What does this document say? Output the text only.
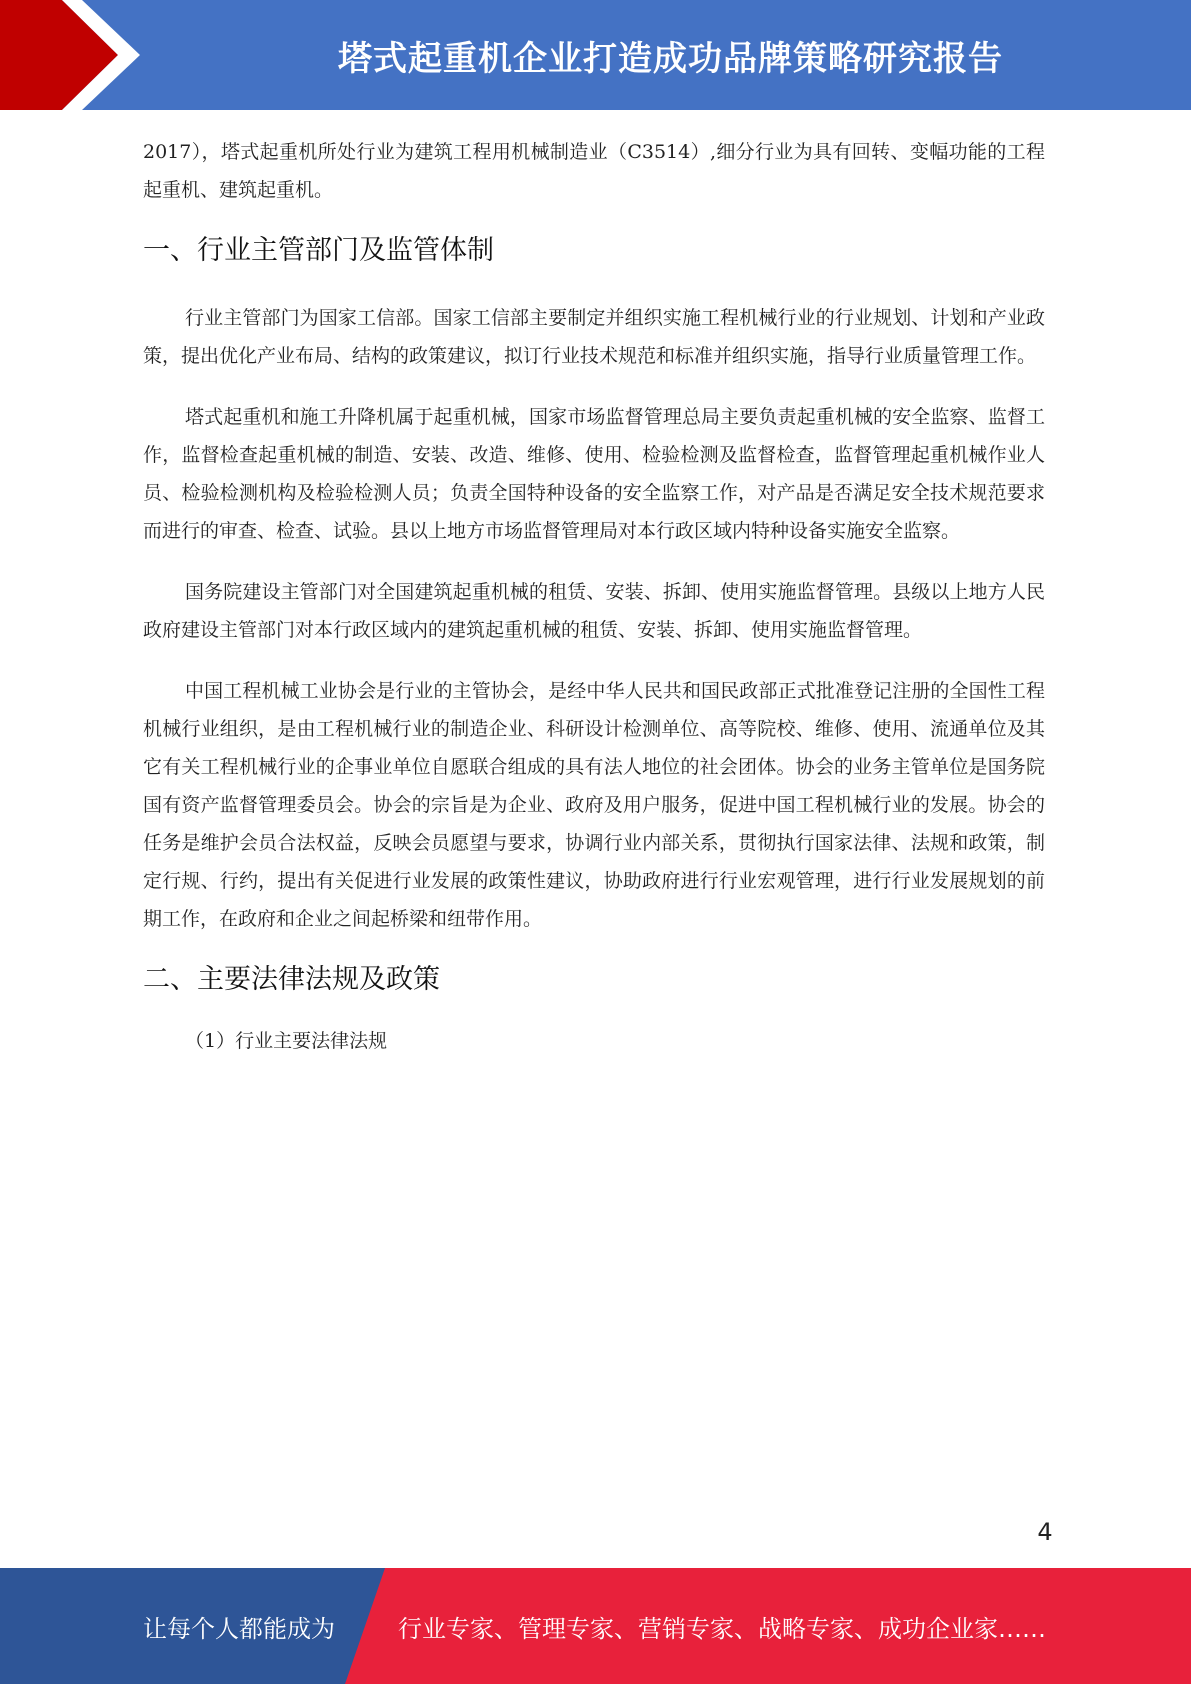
塔式起重机企业打造成功品牌策略研究报告

2017），塔式起重机所处行业为建筑工程用机械制造业（C3514）,细分行业为具有回转、变幅功能的工程起重机、建筑起重机。

一、行业主管部门及监管体制

行业主管部门为国家工信部。国家工信部主要制定并组织实施工程机械行业的行业规划、计划和产业政策，提出优化产业布局、结构的政策建议，拟订行业技术规范和标准并组织实施，指导行业质量管理工作。

塔式起重机和施工升降机属于起重机械，国家市场监督管理总局主要负责起重机械的安全监察、监督工作，监督检查起重机械的制造、安装、改造、维修、使用、检验检测及监督检查，监督管理起重机械作业人员、检验检测机构及检验检测人员；负责全国特种设备的安全监察工作，对产品是否满足安全技术规范要求而进行的审查、检查、试验。县以上地方市场监督管理局对本行政区域内特种设备实施安全监察。

国务院建设主管部门对全国建筑起重机械的租赁、安装、拆卸、使用实施监督管理。县级以上地方人民政府建设主管部门对本行政区域内的建筑起重机械的租赁、安装、拆卸、使用实施监督管理。

中国工程机械工业协会是行业的主管协会，是经中华人民共和国民政部正式批准登记注册的全国性工程机械行业组织，是由工程机械行业的制造企业、科研设计检测单位、高等院校、维修、使用、流通单位及其它有关工程机械行业的企事业单位自愿联合组成的具有法人地位的社会团体。协会的业务主管单位是国务院国有资产监督管理委员会。协会的宗旨是为企业、政府及用户服务，促进中国工程机械行业的发展。协会的任务是维护会员合法权益，反映会员愿望与要求，协调行业内部关系，贯彻执行国家法律、法规和政策，制定行规、行约，提出有关促进行业发展的政策性建议，协助政府进行行业宏观管理，进行行业发展规划的前期工作，在政府和企业之间起桥梁和纽带作用。

二、主要法律法规及政策

（1）行业主要法律法规

4
让每个人都能成为	行业专家、管理专家、营销专家、战略专家、成功企业家……
